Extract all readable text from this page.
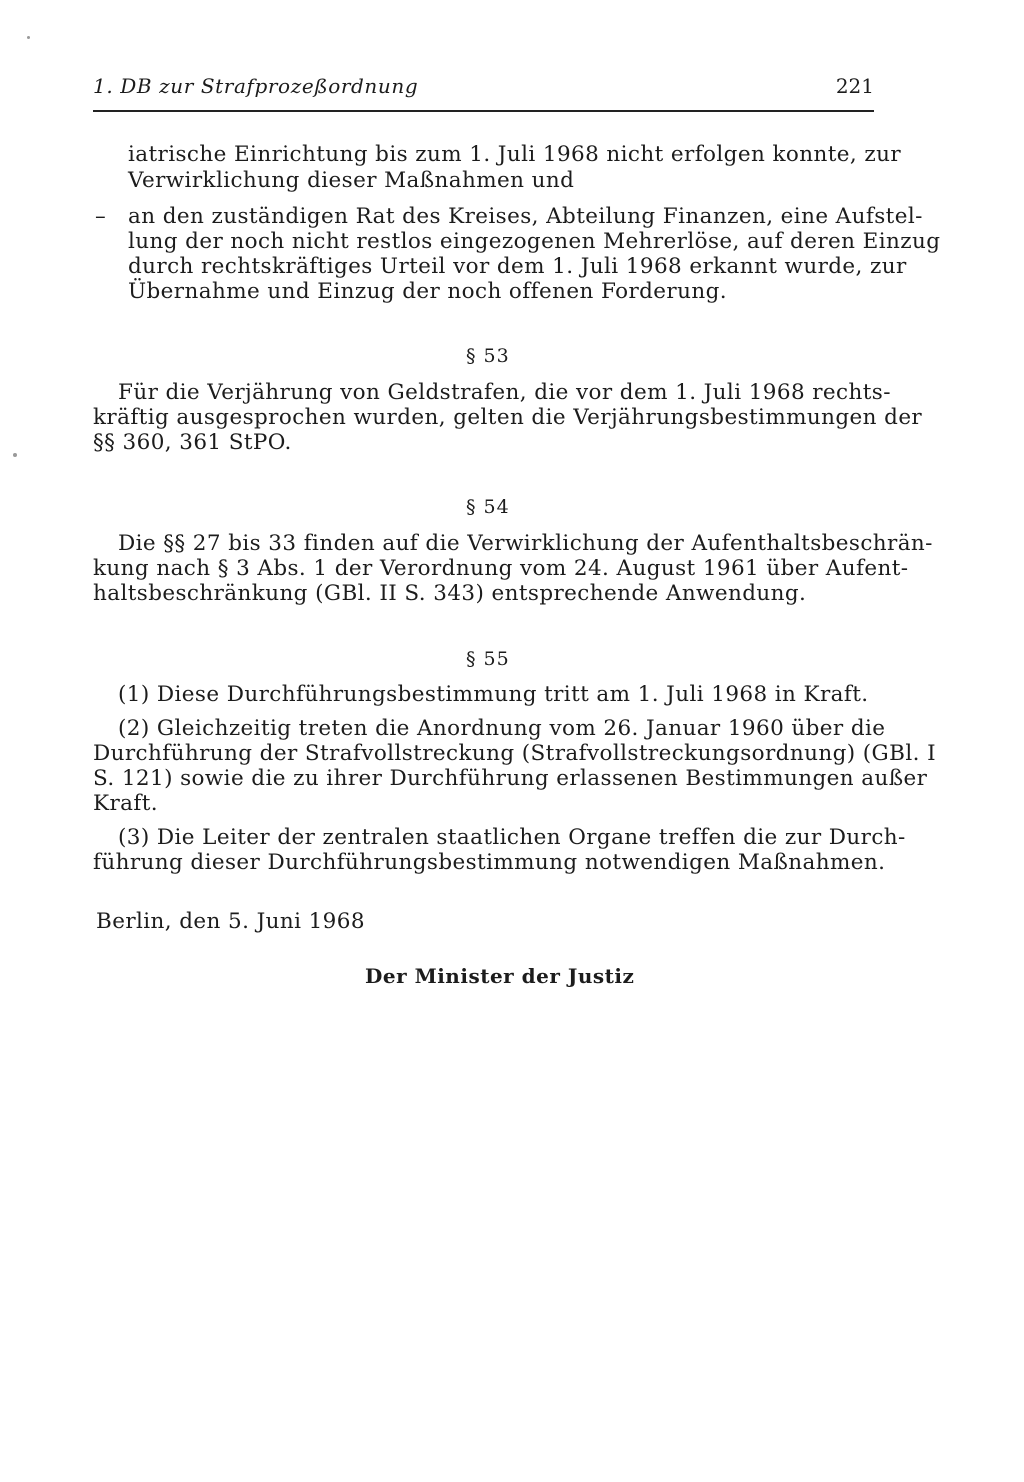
1. DB zur Strafprozeßordnung	221
iatrische Einrichtung bis zum 1. Juli 1968 nicht erfolgen konnte, zur
Verwirklichung dieser Maßnahmen und
– an den zuständigen Rat des Kreises, Abteilung Finanzen, eine Aufstel-
lung der noch nicht restlos eingezogenen Mehrerlöse, auf deren Einzug
durch rechtskräftiges Urteil vor dem 1. Juli 1968 erkannt wurde, zur
Übernahme und Einzug der noch offenen Forderung.
§ 53
Für die Verjährung von Geldstrafen, die vor dem 1. Juli 1968 rechts-
kräftig ausgesprochen wurden, gelten die Verjährungsbestimmungen der
§§ 360, 361 StPO.
§ 54
Die §§ 27 bis 33 finden auf die Verwirklichung der Aufenthaltsbeschrän-
kung nach § 3 Abs. 1 der Verordnung vom 24. August 1961 über Aufent-
haltsbeschränkung (GBl. II S. 343) entsprechende Anwendung.
§ 55
(1) Diese Durchführungsbestimmung tritt am 1. Juli 1968 in Kraft.
(2) Gleichzeitig treten die Anordnung vom 26. Januar 1960 über die
Durchführung der Strafvollstreckung (Strafvollstreckungsordnung) (GBl. I
S. 121) sowie die zu ihrer Durchführung erlassenen Bestimmungen außer
Kraft.
(3) Die Leiter der zentralen staatlichen Organe treffen die zur Durch-
führung dieser Durchführungsbestimmung notwendigen Maßnahmen.
Berlin, den 5. Juni 1968
Der Minister der Justiz
